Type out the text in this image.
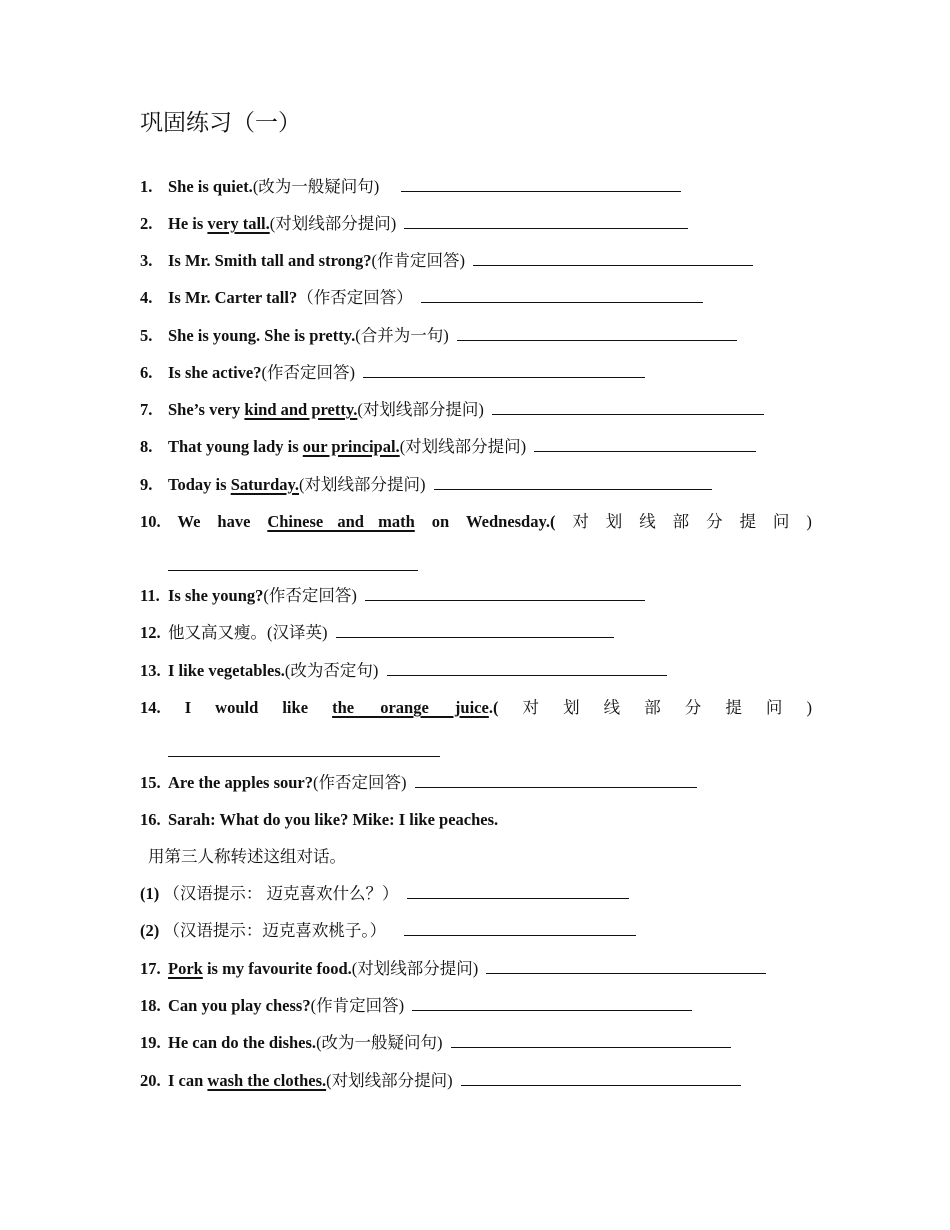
巩固练习（一）
1. She is quiet.(改为一般疑问句)
2. He is very tall.(对划线部分提问)
3. Is Mr. Smith tall and strong?(作肯定回答)
4. Is Mr. Carter tall?（作否定回答）
5. She is young. She is pretty.(合并为一句)
6. Is she active?(作否定回答)
7. She’s very kind and pretty.(对划线部分提问)
8. That young lady is our principal.(对划线部分提问)
9. Today is Saturday.(对划线部分提问)
10. We have Chinese and math on Wednesday.( 对 划 线 部 分 提 问 )
11. Is she young?(作否定回答)
12. 他又高又瘦。(汉译英)
13. I like vegetables.(改为否定句)
14. I would like the orange juice.( 对 划 线 部 分 提 问 )
15. Are the apples sour?(作否定回答)
16. Sarah: What do you like? Mike: I like peaches.
用第三人称转述这组对话。
(1) （汉语提示： 迈克喜欢什么？）
(2) （汉语提示：迈克喜欢桃子。）
17. Pork is my favourite food.(对划线部分提问)
18. Can you play chess?(作肯定回答)
19. He can do the dishes.(改为一般疑问句)
20. I can wash the clothes.(对划线部分提问)
